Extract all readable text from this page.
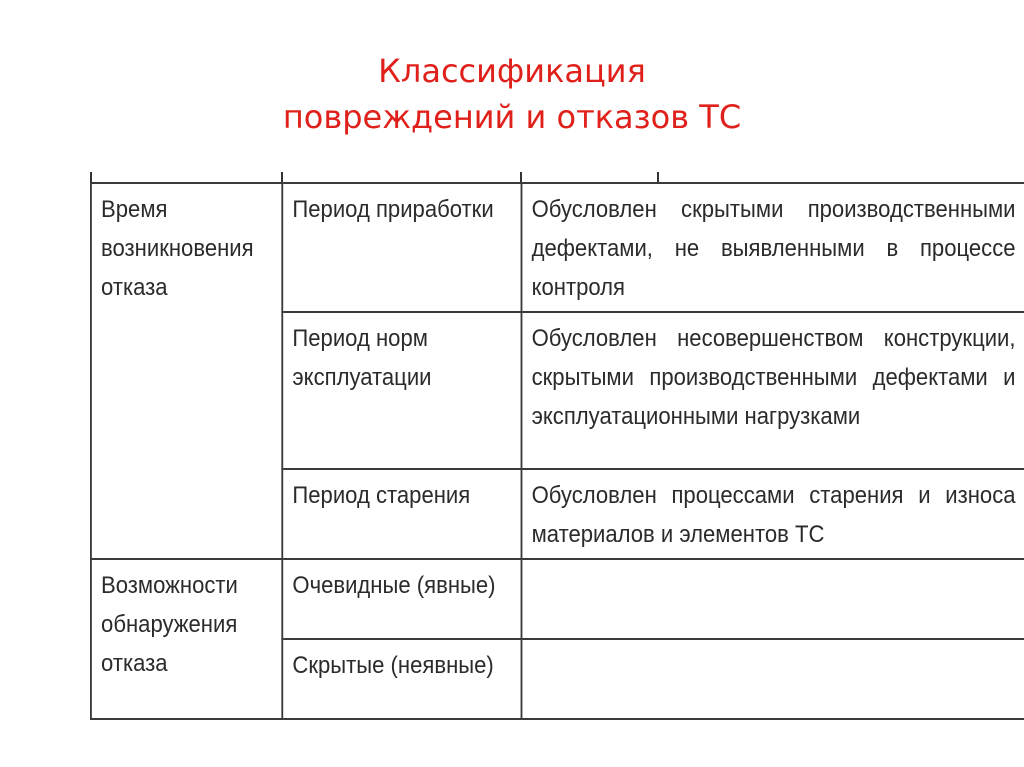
Классификация
повреждений и отказов ТС
Время возникновения отказа	Период приработки	Обусловлен скрытыми производственными дефектами, не выявленными в процессе контроля
	Период норм эксплуатации	Обусловлен несовершенством конструкции, скрытыми производственными дефектами и эксплуатационными нагрузками
	Период старения	Обусловлен процессами старения и износа материалов и элементов ТС
Возможности обнаружения отказа	Очевидные (явные)	
	Скрытые (неявные)	
